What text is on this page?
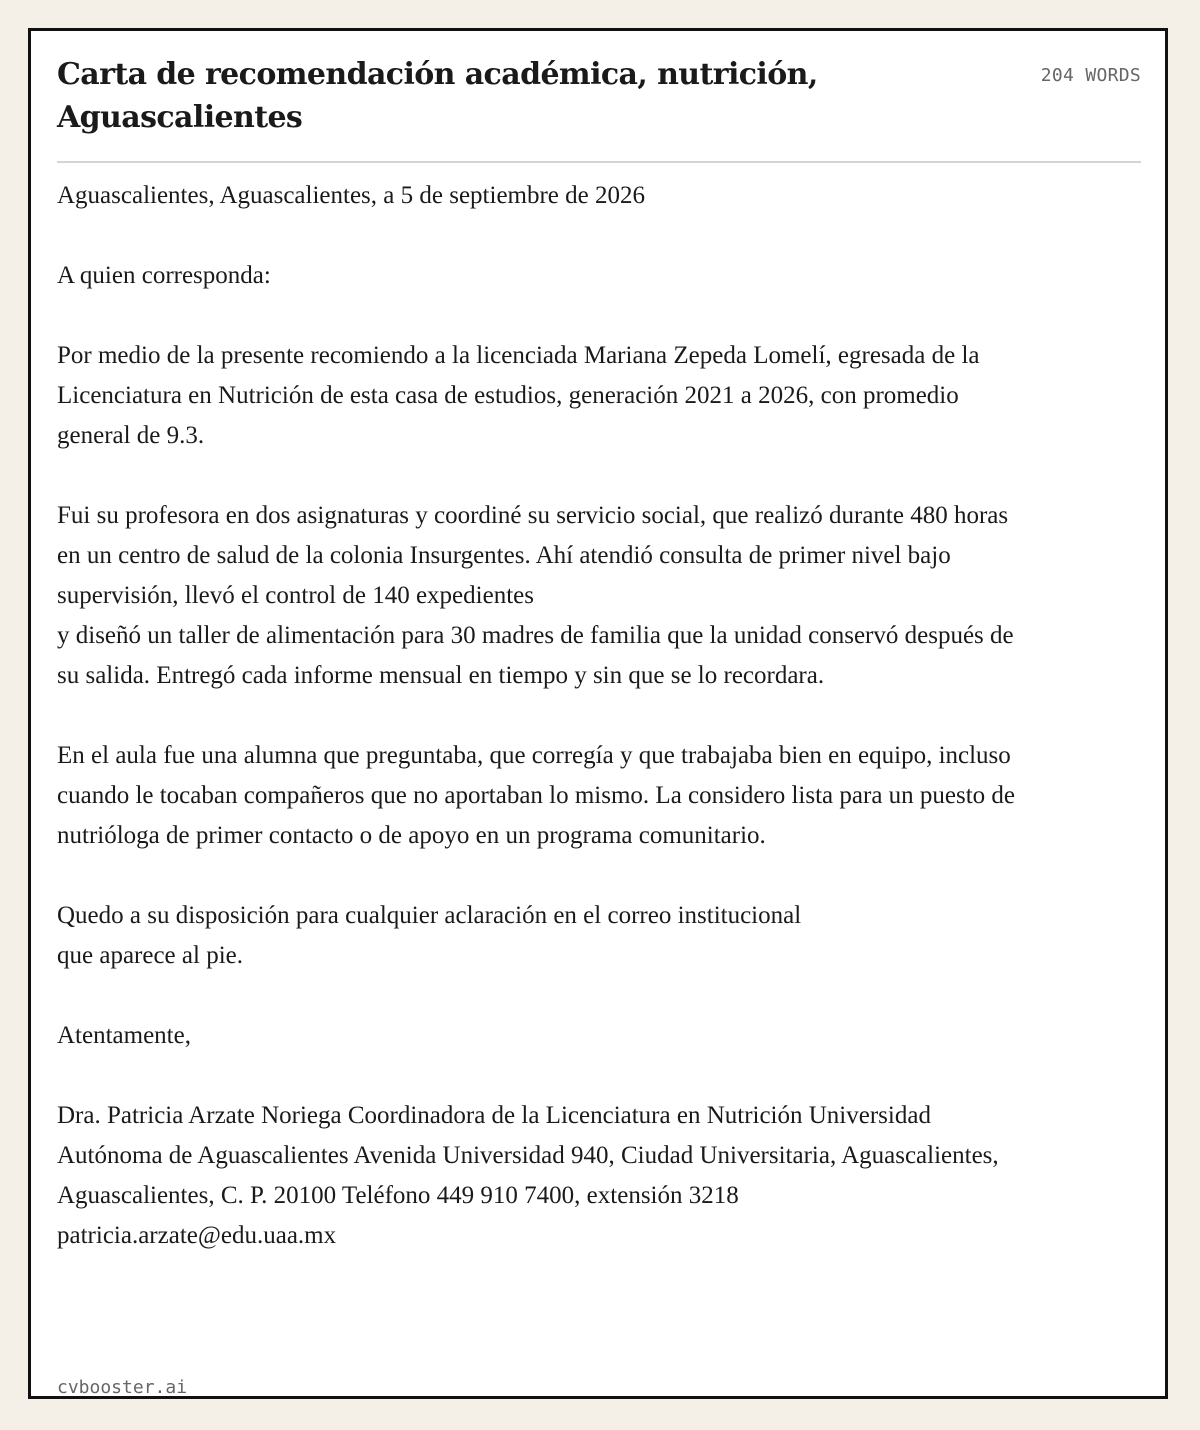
Carta de recomendación académica, nutrición, Aguascalientes
204 WORDS

Aguascalientes, Aguascalientes, a 5 de septiembre de 2026

A quien corresponda:

Por medio de la presente recomiendo a la licenciada Mariana Zepeda Lomelí, egresada de la Licenciatura en Nutrición de esta casa de estudios, generación 2021 a 2026, con promedio general de 9.3.

Fui su profesora en dos asignaturas y coordiné su servicio social, que realizó durante 480 horas en un centro de salud de la colonia Insurgentes. Ahí atendió consulta de primer nivel bajo supervisión, llevó el control de 140 expedientes
y diseñó un taller de alimentación para 30 madres de familia que la unidad conservó después de su salida. Entregó cada informe mensual en tiempo y sin que se lo recordara.

En el aula fue una alumna que preguntaba, que corregía y que trabajaba bien en equipo, incluso cuando le tocaban compañeros que no aportaban lo mismo. La considero lista para un puesto de nutrióloga de primer contacto o de apoyo en un programa comunitario.

Quedo a su disposición para cualquier aclaración en el correo institucional
que aparece al pie.

Atentamente,

Dra. Patricia Arzate Noriega Coordinadora de la Licenciatura en Nutrición Universidad Autónoma de Aguascalientes Avenida Universidad 940, Ciudad Universitaria, Aguascalientes, Aguascalientes, C. P. 20100 Teléfono 449 910 7400, extensión 3218 patricia.arzate@edu.uaa.mx

cvbooster.ai
